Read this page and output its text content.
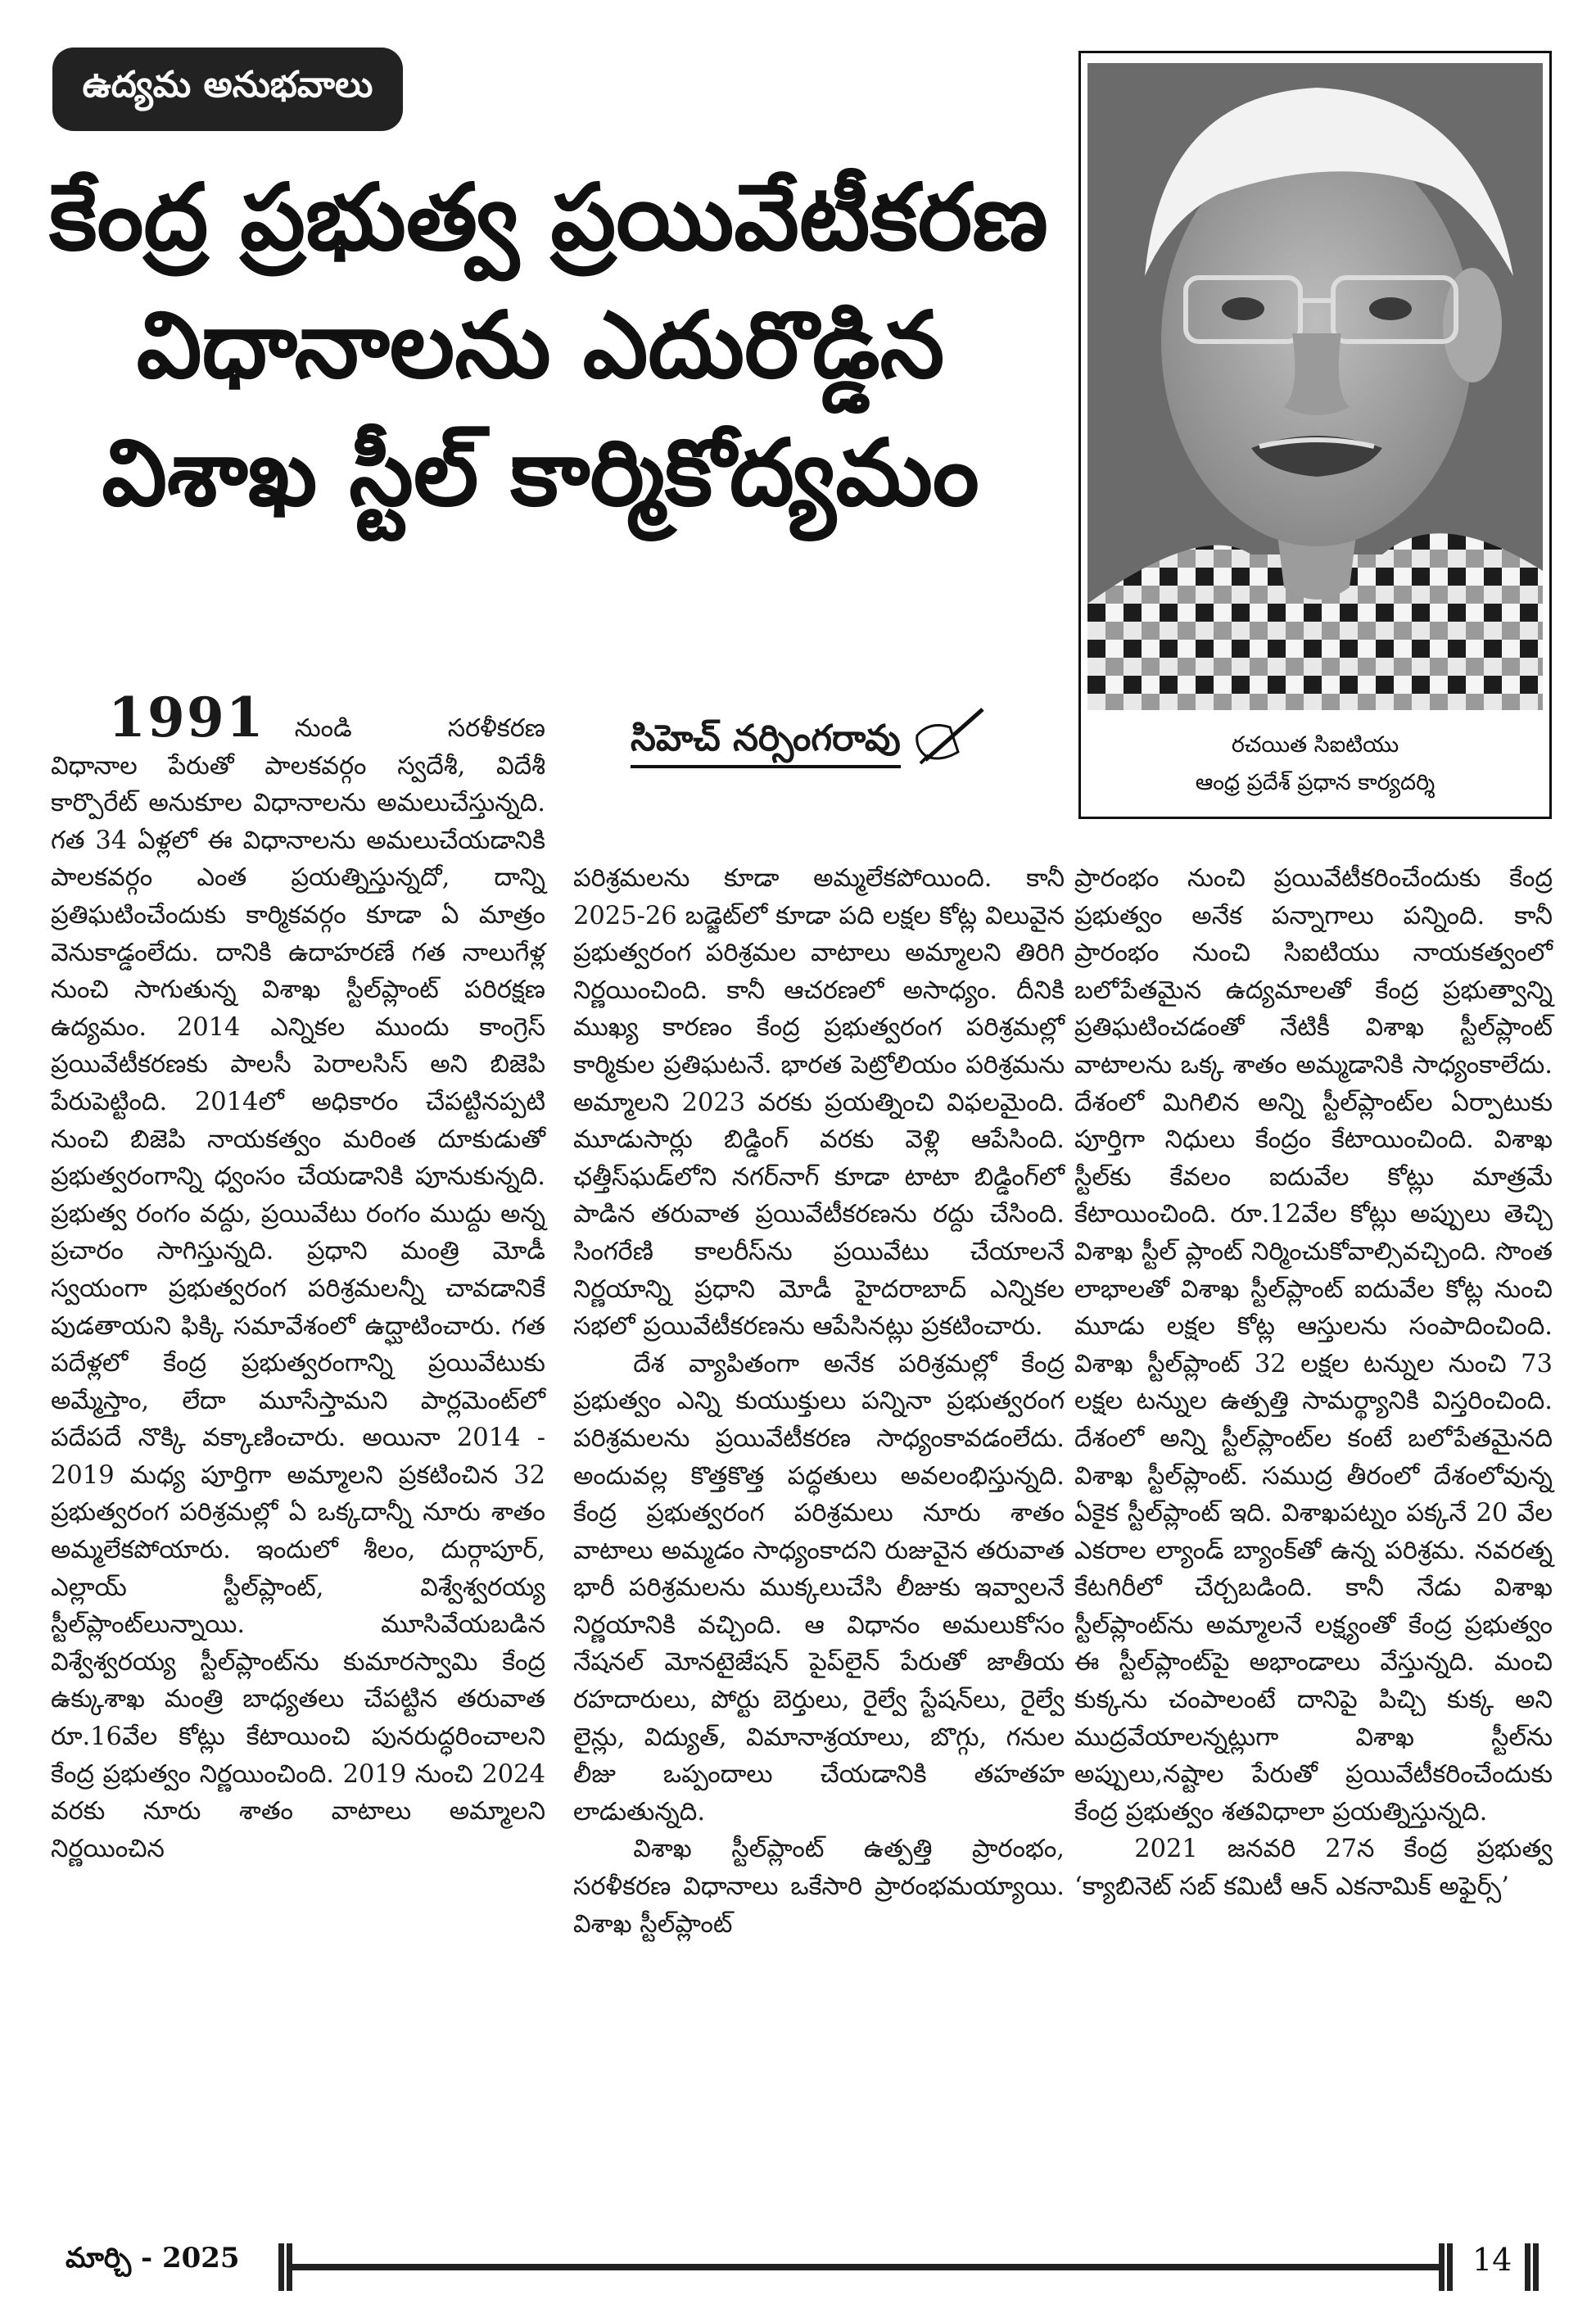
ఉద్యమ అనుభవాలు
కేంద్ర ప్రభుత్వ ప్రయివేటీకరణ
విధానాలను ఎదురొడ్డిన
విశాఖ స్టీల్ కార్మికోద్యమం
రచయిత సిఐటియు
ఆంధ్ర ప్రదేశ్ ప్రధాన కార్యదర్శి
సిహెచ్ నర్సింగరావు

1991 నుండి సరళీకరణ విధానాల పేరుతో పాలకవర్గం స్వదేశీ, విదేశీ కార్పొరేట్ అనుకూల విధానాలను అమలుచేస్తున్నది. గత 34 ఏళ్లలో ఈ విధానాలను అమలుచేయడానికి పాలకవర్గం ఎంత ప్రయత్నిస్తున్నదో, దాన్ని ప్రతిఘటించేందుకు కార్మికవర్గం కూడా ఏ మాత్రం వెనుకాడ్డంలేదు. దానికి ఉదాహరణే గత నాలుగేళ్ల నుంచి సాగుతున్న విశాఖ స్టీల్‌ప్లాంట్ పరిరక్షణ ఉద్యమం. 2014 ఎన్నికల ముందు కాంగ్రెస్ ప్రయివేటీకరణకు పాలసీ పెరాలసిస్ అని బిజెపి పేరుపెట్టింది. 2014లో అధికారం చేపట్టినప్పటి నుంచి బిజెపి నాయకత్వం మరింత దూకుడుతో ప్రభుత్వరంగాన్ని ధ్వంసం చేయడానికి పూనుకున్నది. ప్రభుత్వ రంగం వద్దు, ప్రయివేటు రంగం ముద్దు అన్న ప్రచారం సాగిస్తున్నది. ప్రధాని మంత్రి మోడీ స్వయంగా ప్రభుత్వరంగ పరిశ్రమలన్నీ చావడానికే పుడతాయని ఫిక్కి సమావేశంలో ఉద్ఘాటించారు. గత పదేళ్లలో కేంద్ర ప్రభుత్వరంగాన్ని ప్రయివేటుకు అమ్మేస్తాం, లేదా మూసేస్తామని పార్లమెంట్‌లో పదేపదే నొక్కి వక్కాణించారు. అయినా 2014 - 2019 మధ్య పూర్తిగా అమ్మాలని ప్రకటించిన 32 ప్రభుత్వరంగ పరిశ్రమల్లో ఏ ఒక్కదాన్నీ నూరు శాతం అమ్మలేకపోయారు. ఇందులో శీలం, దుర్గాపూర్, ఎల్లాయ్ స్టీల్‌ప్లాంట్, విశ్వేశ్వరయ్య స్టీల్‌ప్లాంట్‌లున్నాయి. మూసివేయబడిన విశ్వేశ్వరయ్య స్టీల్‌ప్లాంట్‌ను కుమారస్వామి కేంద్ర ఉక్కుశాఖ మంత్రి బాధ్యతలు చేపట్టిన తరువాత రూ.16వేల కోట్లు కేటాయించి పునరుద్ధరించాలని కేంద్ర ప్రభుత్వం నిర్ణయించింది. 2019 నుంచి 2024 వరకు నూరు శాతం వాటాలు అమ్మాలని నిర్ణయించిన

పరిశ్రమలను కూడా అమ్మలేకపోయింది. కానీ 2025-26 బడ్జెట్‌లో కూడా పది లక్షల కోట్ల విలువైన ప్రభుత్వరంగ పరిశ్రమల వాటాలు అమ్మాలని తిరిగి నిర్ణయించింది. కానీ ఆచరణలో అసాధ్యం. దీనికి ముఖ్య కారణం కేంద్ర ప్రభుత్వరంగ పరిశ్రమల్లో కార్మికుల ప్రతిఘటనే. భారత పెట్రోలియం పరిశ్రమను అమ్మాలని 2023 వరకు ప్రయత్నించి విఫలమైంది. మూడుసార్లు బిడ్డింగ్ వరకు వెళ్లి ఆపేసింది. ఛత్తీస్‌ఘడ్‌లోని నగర్‌నాగ్ కూడా టాటా బిడ్డింగ్‌లో పాడిన తరువాత ప్రయివేటీకరణను రద్దు చేసింది. సింగరేణి కాలరీస్‌ను ప్రయివేటు చేయాలనే నిర్ణయాన్ని ప్రధాని మోడీ హైదరాబాద్ ఎన్నికల సభలో ప్రయివేటీకరణను ఆపేసినట్లు ప్రకటించారు.

దేశ వ్యాపితంగా అనేక పరిశ్రమల్లో కేంద్ర ప్రభుత్వం ఎన్ని కుయుక్తులు పన్నినా ప్రభుత్వరంగ పరిశ్రమలను ప్రయివేటీకరణ సాధ్యంకావడంలేదు. అందువల్ల కొత్తకొత్త పద్ధతులు అవలంభిస్తున్నది. కేంద్ర ప్రభుత్వరంగ పరిశ్రమలు నూరు శాతం వాటాలు అమ్మడం సాధ్యంకాదని రుజువైన తరువాత భారీ పరిశ్రమలను ముక్కలుచేసి లీజుకు ఇవ్వాలనే నిర్ణయానికి వచ్చింది. ఆ విధానం అమలుకోసం నేషనల్ మోనటైజేషన్ పైప్‌లైన్ పేరుతో జాతీయ రహదారులు, పోర్టు బెర్తులు, రైల్వే స్టేషన్‌లు, రైల్వే లైన్లు, విద్యుత్, విమానాశ్రయాలు, బొగ్గు, గనుల లీజు ఒప్పందాలు చేయడానికి తహతహ లాడుతున్నది.

విశాఖ స్టీల్‌ప్లాంట్ ఉత్పత్తి ప్రారంభం, సరళీకరణ విధానాలు ఒకేసారి ప్రారంభమయ్యాయి. విశాఖ స్టీల్‌ప్లాంట్

ప్రారంభం నుంచి ప్రయివేటీకరించేందుకు కేంద్ర ప్రభుత్వం అనేక పన్నాగాలు పన్నింది. కానీ ప్రారంభం నుంచి సిఐటియు నాయకత్వంలో బలోపేతమైన ఉద్యమాలతో కేంద్ర ప్రభుత్వాన్ని ప్రతిఘటించడంతో నేటికీ విశాఖ స్టీల్‌ప్లాంట్ వాటాలను ఒక్క శాతం అమ్మడానికి సాధ్యంకాలేదు. దేశంలో మిగిలిన అన్ని స్టీల్‌ప్లాంట్‌ల ఏర్పాటుకు పూర్తిగా నిధులు కేంద్రం కేటాయించింది. విశాఖ స్టీల్‌కు కేవలం ఐదువేల కోట్లు మాత్రమే కేటాయించింది. రూ.12వేల కోట్లు అప్పులు తెచ్చి విశాఖ స్టీల్ ప్లాంట్ నిర్మించుకోవాల్సివచ్చింది. సొంత లాభాలతో విశాఖ స్టీల్‌ప్లాంట్ ఐదువేల కోట్ల నుంచి మూడు లక్షల కోట్ల ఆస్తులను సంపాదించింది. విశాఖ స్టీల్‌ప్లాంట్ 32 లక్షల టన్నుల నుంచి 73 లక్షల టన్నుల ఉత్పత్తి సామర్థ్యానికి విస్తరించింది. దేశంలో అన్ని స్టీల్‌ప్లాంట్‌ల కంటే బలోపేతమైనది విశాఖ స్టీల్‌ప్లాంట్. సముద్ర తీరంలో దేశంలోవున్న ఏకైక స్టీల్‌ప్లాంట్ ఇది. విశాఖపట్నం పక్కనే 20 వేల ఎకరాల ల్యాండ్ బ్యాంక్‌తో ఉన్న పరిశ్రమ. నవరత్న కేటగిరీలో చేర్చబడింది. కానీ నేడు విశాఖ స్టీల్‌ప్లాంట్‌ను అమ్మాలనే లక్ష్యంతో కేంద్ర ప్రభుత్వం ఈ స్టీల్‌ప్లాంట్‌పై అభాండాలు వేస్తున్నది. మంచి కుక్కను చంపాలంటే దానిపై పిచ్చి కుక్క అని ముద్రవేయాలన్నట్లుగా విశాఖ స్టీల్‌ను అప్పులు,నష్టాల పేరుతో ప్రయివేటీకరించేందుకు కేంద్ర ప్రభుత్వం శతవిధాలా ప్రయత్నిస్తున్నది.

2021 జనవరి 27న కేంద్ర ప్రభుత్వ ‘క్యాబినెట్ సబ్ కమిటీ ఆన్ ఎకనామిక్ అఫైర్స్’

మార్చి - 2025	14
